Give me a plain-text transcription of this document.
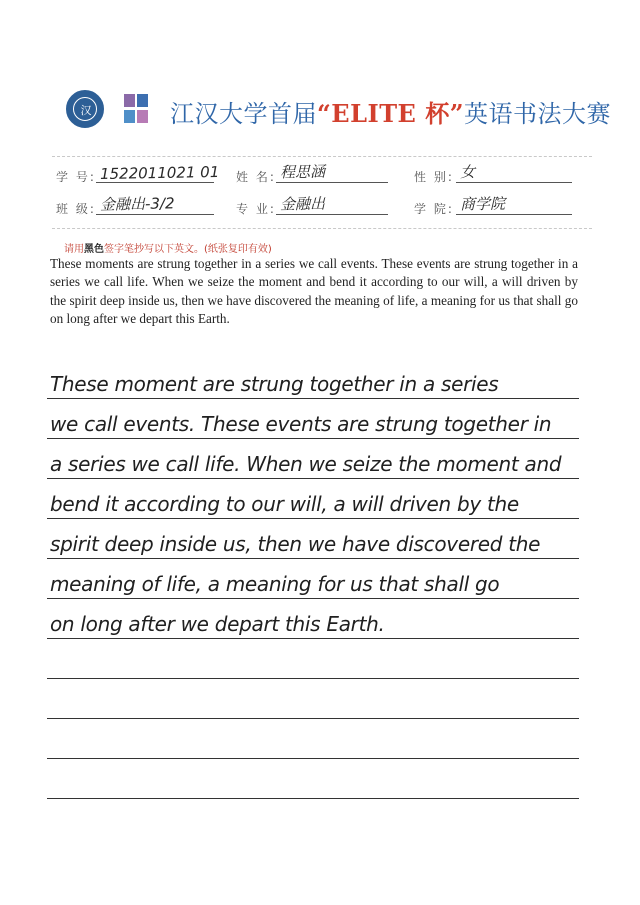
汉	江汉大学首届“ELITE 杯”英语书法大赛
学 号: 1522011021 01 姓 名: 程思涵	性 别: 女
班 级: 金融出-3/2	专 业: 金融出	学 院: 商学院
请用黑色签字笔抄写以下英文。(纸张复印有效)

These moments are strung together in a series we call events. These events are strung together in a series we call life. When we seize the moment and bend it according to our will, a will driven by the spirit deep inside us, then we have discovered the meaning of life, a meaning for us that shall go on long after we depart this Earth.

These moment are strung together in a series
we call events. These events are strung together in
a series we call life. When we seize the moment and
bend it according to our will, a will driven by the
spirit deep inside us, then we have discovered the
meaning of life, a meaning for us that shall go
on long after we depart this Earth.
